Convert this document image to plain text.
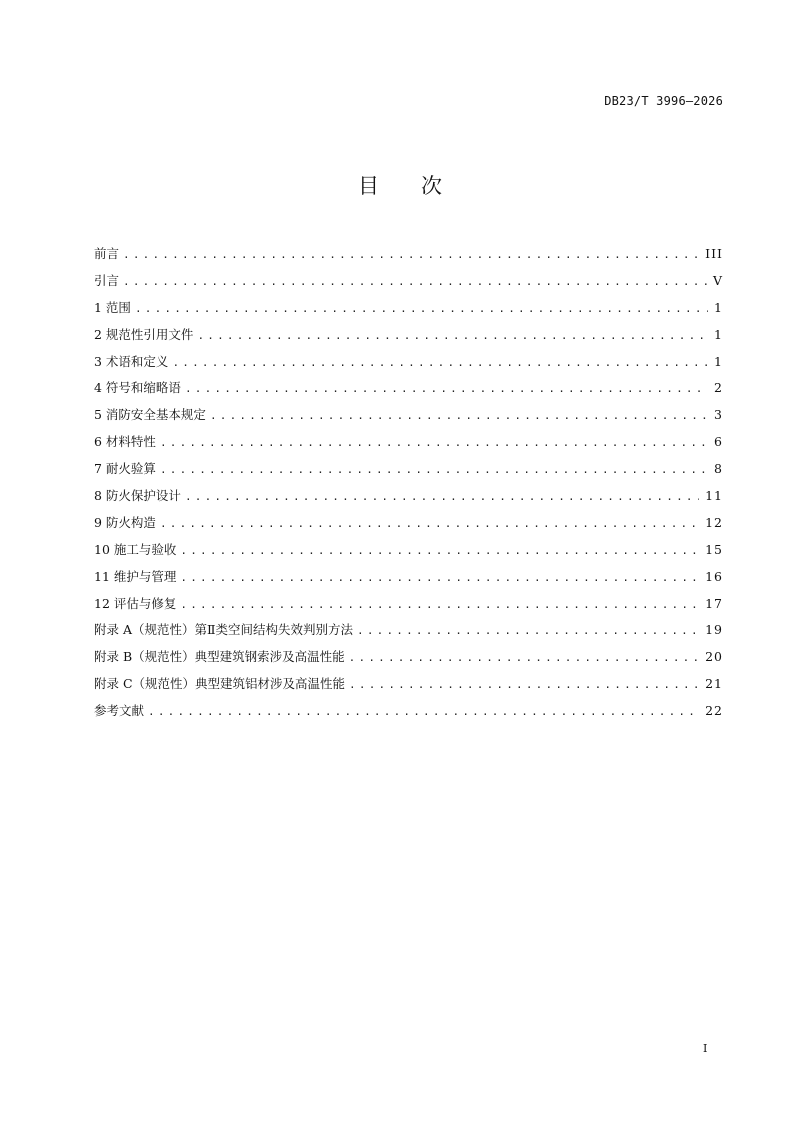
DB23/T 3996—2026
目 次
前言 .....	III
引言 .....	V
1 范围 .....	1
2 规范性引用文件 .....	1
3 术语和定义 .....	1
4 符号和缩略语 .....	2
5 消防安全基本规定 .....	3
6 材料特性 .....	6
7 耐火验算 .....	8
8 防火保护设计 .....	11
9 防火构造 .....	12
10 施工与验收 .....	15
11 维护与管理 .....	16
12 评估与修复 .....	17
附录 A（规范性）第Ⅱ类空间结构失效判别方法 .....	19
附录 B（规范性）典型建筑钢索涉及高温性能 .....	20
附录 C（规范性）典型建筑铝材涉及高温性能 .....	21
参考文献 .....	22
I
